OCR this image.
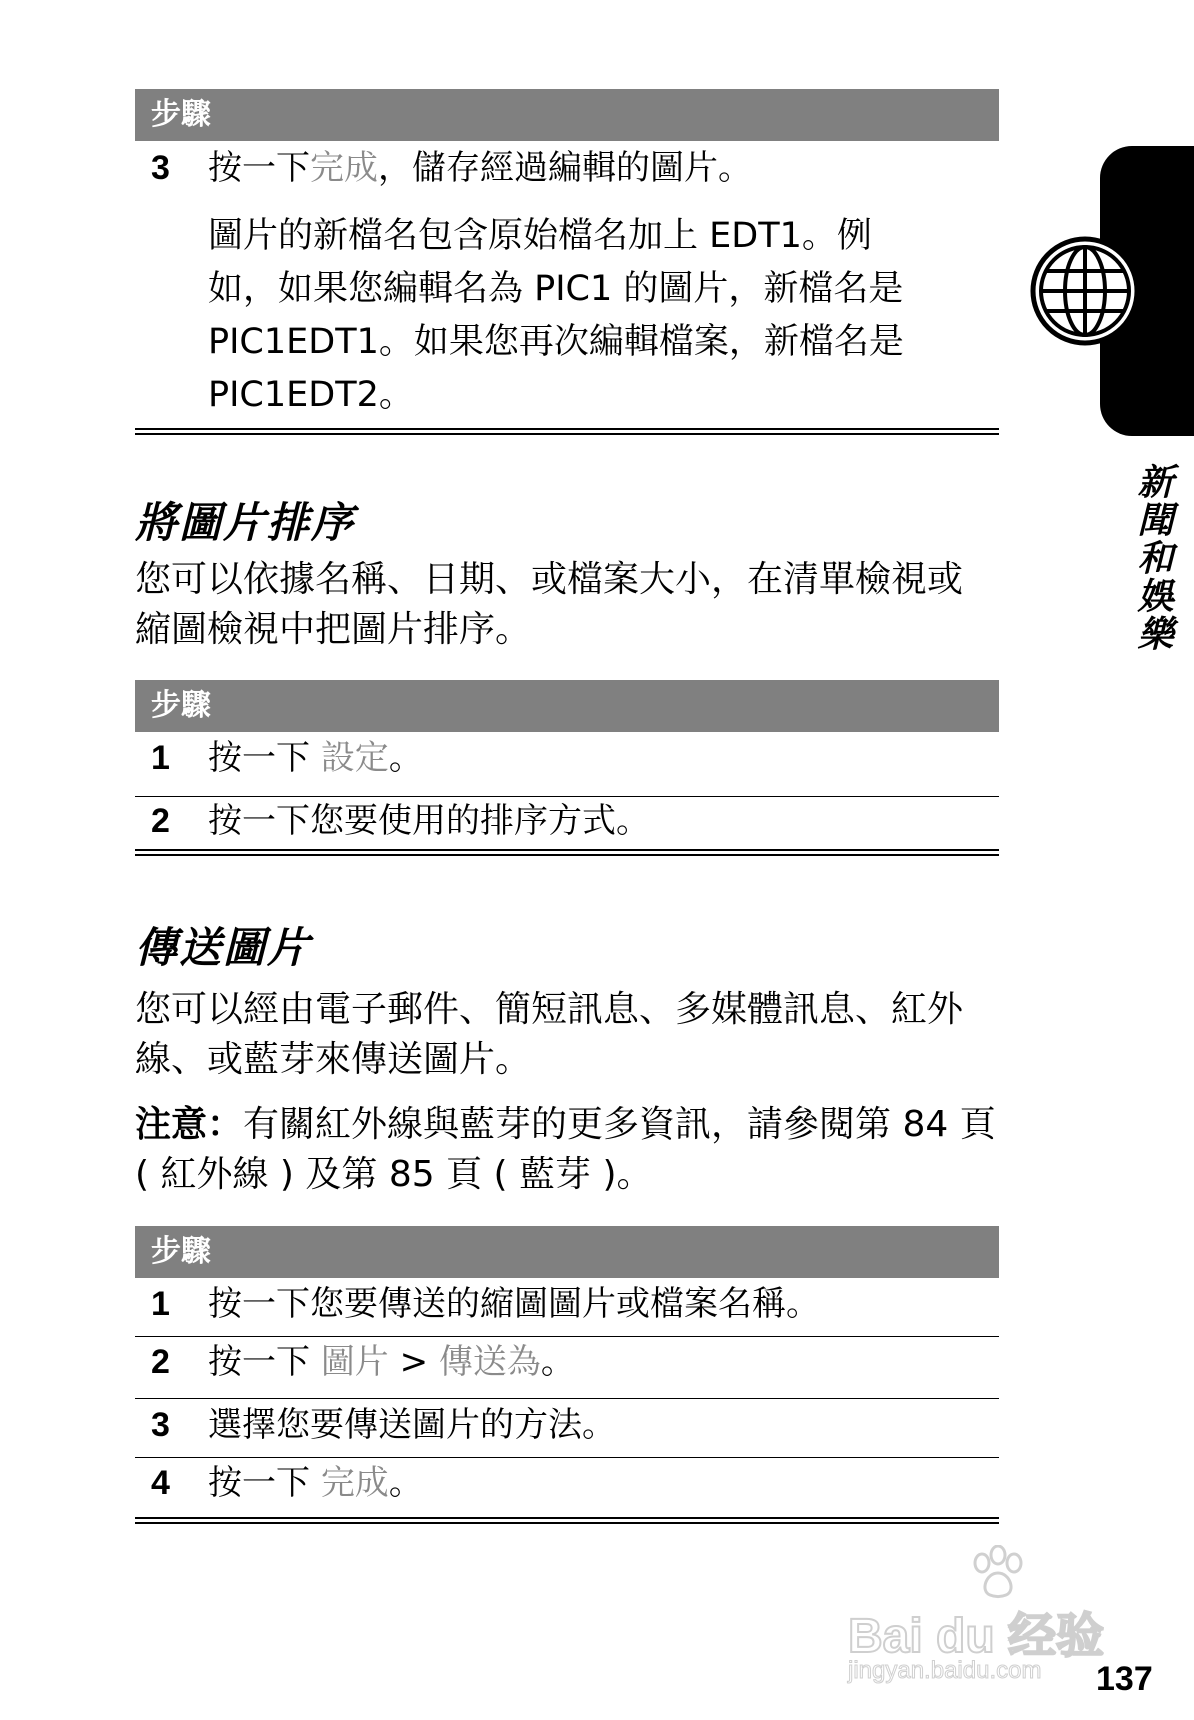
步驟
3 按一下完成，儲存經過編輯的圖片。
圖片的新檔名包含原始檔名加上 EDT1。例
如，如果您編輯名為 PIC1 的圖片，新檔名是
PIC1EDT1。如果您再次編輯檔案，新檔名是
PIC1EDT2。
將圖片排序
您可以依據名稱、日期、或檔案大小，在清單檢視或
縮圖檢視中把圖片排序。
步驟
1 按一下 設定。
2 按一下您要使用的排序方式。
傳送圖片
您可以經由電子郵件、簡短訊息、多媒體訊息、紅外
線、或藍芽來傳送圖片。
注意：有關紅外線與藍芽的更多資訊，請參閱第 84 頁
( 紅外線 ) 及第 85 頁 ( 藍芽 )。
步驟
1 按一下您要傳送的縮圖圖片或檔案名稱。
2 按一下 圖片 > 傳送為。
3 選擇您要傳送圖片的方法。
4 按一下 完成。
新聞和娛樂
Bai du 经验
jingyan.baidu.com 137
